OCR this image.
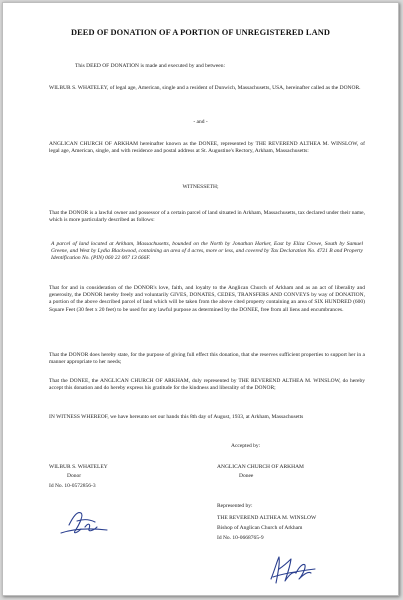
DEED OF DONATION OF A PORTION OF UNREGISTERED LAND
This DEED OF DONATION is made and executed by and between:
WILBUR S. WHATELEY, of legal age, American, single and a resident of Dunwich, Massachusetts, USA, hereinafter called as the DONOR.
- and -
ANGLICAN CHURCH OF ARKHAM hereinafter known as the DONEE, represented by THE REVEREND ALTHEA M. WINSLOW, of legal age, American, single, and with residence and postal address at St. Augustine's Rectory, Arkham, Massachusetts:
WITNESSETH;
That the DONOR is a lawful owner and possessor of a certain parcel of land situated in Arkham, Massachusetts, tax declared under their name, which is more particularly described as follows:
A parcel of land located at Arkham, Massachusetts, bounded on the North by Jonathan Harker, East by Eliza Crowe, South by Samuel Greene, and West by Lydia Blackwood, containing an area of 4 acres, more or less, and covered by Tax Declaration No. 4721 B and Property Identification No. (PIN) 060 22 007 13 666F.
That for and in consideration of the DONOR's love, faith, and loyalty to the Anglican Church of Arkham and as an act of liberality and generosity, the DONOR hereby freely and voluntarily GIVES, DONATES, CEDES, TRANSFERS AND CONVEYS by way of DONATION, a portion of the above described parcel of land which will be taken from the above cited property containing an area of SIX HUNDRED (600) Square Feet (30 feet x 20 feet) to be used for any lawful purpose as determined by the DONEE, free from all liens and encumbrances.
That the DONOR does hereby state, for the purpose of giving full effect this donation, that she reserves sufficient properties to support her in a manner appropriate to her needs;
That the DONEE, the ANGLICAN CHURCH OF ARKHAM, duly represented by THE REVEREND ALTHEA M. WINSLOW, do hereby accept this donation and do hereby express his gratitude for the kindness and liberality of the DONOR;
IN WITNESS WHEREOF, we have hereunto set our hands this 8th day of August, 1933, at Arkham, Massachusetts
Accepted by:
WILBUR S. WHATELEY
Donor
Id No. 10-0572856-3
ANGLICAN CHURCH OF ARKHAM
Donee
Represented by:
THE REVEREND ALTHEA M. WINSLOW
Bishop of Anglican Church of Arkham
Id No. 10-0668765-9
